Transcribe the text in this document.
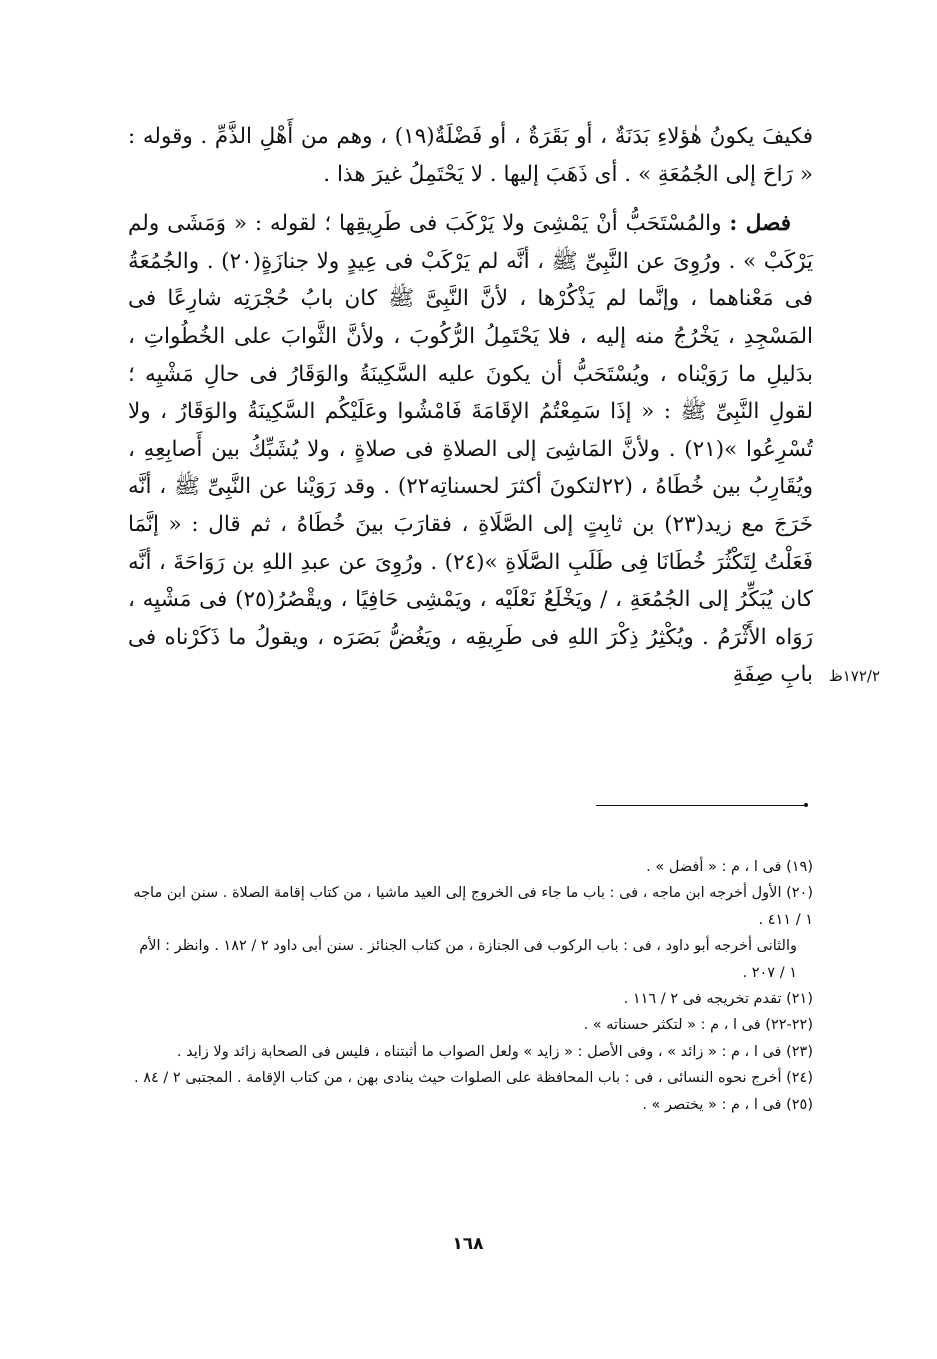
فكيفَ يكونُ هٰؤلاءِ بَدَنَةٌ ، أو بَقَرَةٌ ، أو فَضْلَةٌ(١٩) ، وهم من أَهْلِ الذَّمِّ . وقوله : « رَاحَ إلى الجُمُعَةِ » . أى ذَهَبَ إليها . لا يَحْتَمِلُ غيرَ هذا .

فصل : والمُسْتَحَبُّ أنْ يَمْشِىَ ولا يَرْكَبَ فى طَرِيقِها ؛ لقوله : « وَمَشَى ولم يَرْكَبْ » . ورُوِىَ عن النَّبِىِّ ﷺ ، أنَّه لم يَرْكَبْ فى عِيدٍ ولا جنازَةٍ(٢٠) . والجُمُعَةُ فى مَعْناهما ، وإنَّما لم يَذْكُرْها ، لأنَّ النَّبِىَّ ﷺ كان بابُ حُجْرَتِه شارِعًا فى المَسْجِدِ ، يَخْرُجُ منه إليه ، فلا يَحْتَمِلُ الرُّكُوبَ ، ولأنَّ الثَّوابَ على الخُطُواتِ ، بدَليلِ ما رَوَيْناه ، ويُسْتَحَبُّ أن يكونَ عليه السَّكِينَةُ والوَقَارُ فى حالِ مَشْيِه ؛ لقولِ النَّبِىِّ ﷺ : « إذَا سَمِعْتُمُ الإقَامَةَ فَامْشُوا وعَلَيْكُم السَّكِينَةُ والوَقَارُ ، ولا تُسْرِعُوا »(٢١) . ولأنَّ المَاشِىَ إلى الصلاةِ فى صلاةٍ ، ولا يُشَبِّكُ بين أَصابِعِهِ ، ويُقَارِبُ بين خُطَاهُ ، (٢٢لتكونَ أكثرَ لحسناتِه٢٢) . وقد رَوَيْنا عن النَّبِىِّ ﷺ ، أنَّه خَرَجَ مع زيد(٢٣) بن ثابِتٍ إلى الصَّلَاةِ ، فقارَبَ بينَ خُطَاهُ ، ثم قال : « إنَّمَا فَعَلْتُ لِتَكْثُرَ خُطَانَا فِى طَلَبِ الصَّلَاةِ »(٢٤) . ورُوِىَ عن عبدِ اللهِ بن رَوَاحَةَ ، أنَّه كان يُبَكِّرُ إلى الجُمُعَةِ ، / ويَخْلَعُ نَعْلَيْه ، ويَمْشِى حَافِيًا ، ويقْصُرُ(٢٥) فى مَشْيِه ، رَوَاه الأَثْرَمُ . ويُكْثِرُ ذِكْرَ اللهِ فى طَرِيقِه ، ويَغُضُّ بَصَرَه ، ويقولُ ما ذَكَرْناه فى بابِ صِفَةِ	١٧٢/٢ظ

(١٩) فى ا ، م : « أفضل » .

(٢٠) الأول أخرجه ابن ماجه ، فى : باب ما جاء فى الخروج إلى العيد ماشيا ، من كتاب إقامة الصلاة . سنن ابن ماجه ١ / ٤١١ .

والثانى أخرجه أبو داود ، فى : باب الركوب فى الجنازة ، من كتاب الجنائز . سنن أبى داود ٢ / ١٨٢ . وانظر : الأم ١ / ٢٠٧ .

(٢١) تقدم تخريجه فى ٢ / ١١٦ .

(٢٢-٢٢) فى ا ، م : « لتكثر حسناته » .

(٢٣) فى ا ، م : « زائد » ، وفى الأصل : « زايد » ولعل الصواب ما أثبتناه ، فليس فى الصحابة زائد ولا زايد .

(٢٤) أخرج نحوه النسائى ، فى : باب المحافظة على الصلوات حيث ينادى بهن ، من كتاب الإقامة . المجتبى ٢ / ٨٤ .

(٢٥) فى ا ، م : « يختصر » .

١٦٨
